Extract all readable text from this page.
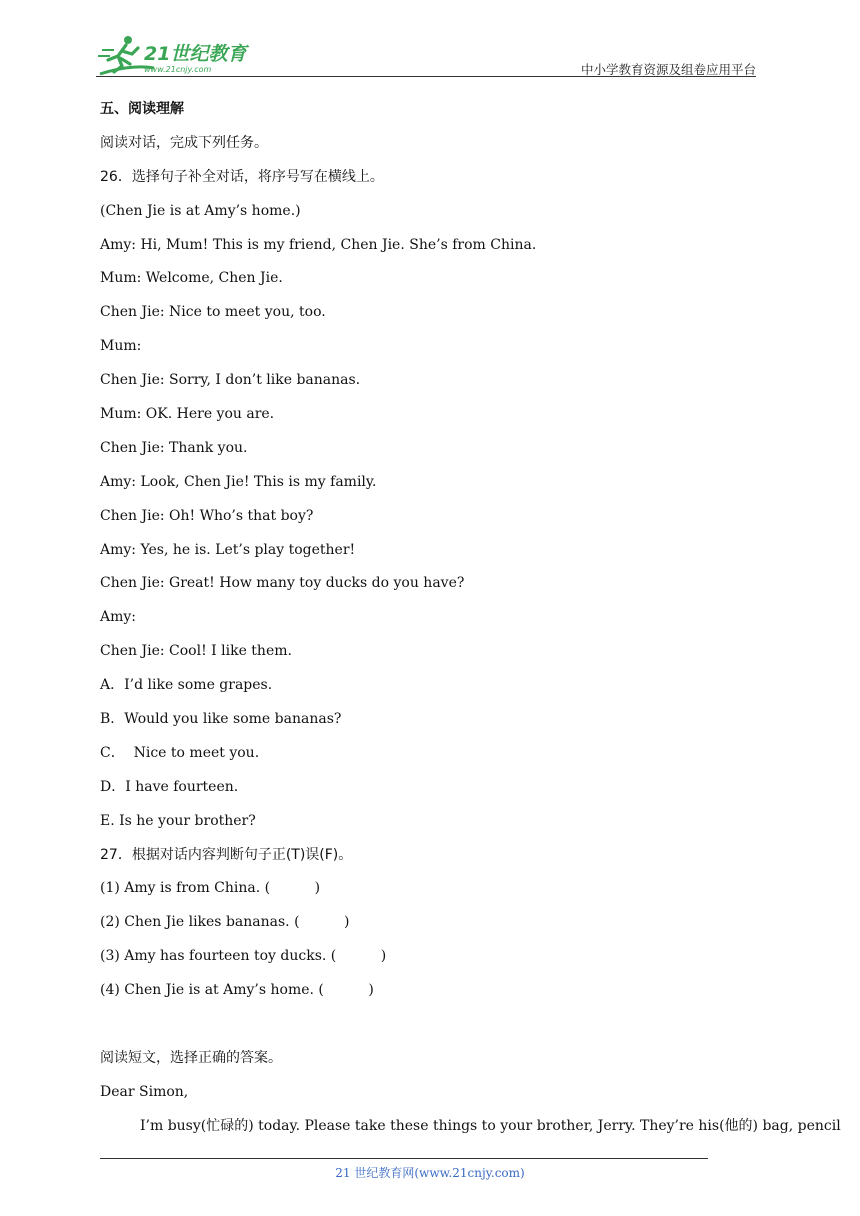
21世纪教育
www.21cnjy.com	中小学教育资源及组卷应用平台

五、阅读理解

阅读对话，完成下列任务。

26．选择句子补全对话，将序号写在横线上。

(Chen Jie is at Amy’s home.)

Amy: Hi, Mum! This is my friend, Chen Jie. She’s from China.

Mum: Welcome, Chen Jie.

Chen Jie: Nice to meet you, too.

Mum:

Chen Jie: Sorry, I don’t like bananas.

Mum: OK. Here you are.

Chen Jie: Thank you.

Amy: Look, Chen Jie! This is my family.

Chen Jie: Oh! Who’s that boy?

Amy: Yes, he is. Let’s play together!

Chen Jie: Great! How many toy ducks do you have?

Amy:

Chen Jie: Cool! I like them.

A．I’d like some grapes.

B．Would you like some bananas?

C．  Nice to meet you.

D．I have fourteen.

E. Is he your brother?

27．根据对话内容判断句子正(T)误(F)。

(1) Amy is from China. (          )

(2) Chen Jie likes bananas. (          )

(3) Amy has fourteen toy ducks. (          )

(4) Chen Jie is at Amy’s home. (          )

阅读短文，选择正确的答案。

Dear Simon,

I’m busy(忙碌的) today. Please take these things to your brother, Jerry. They’re his(他的) bag, pencil

21 世纪教育网(www.21cnjy.com)
